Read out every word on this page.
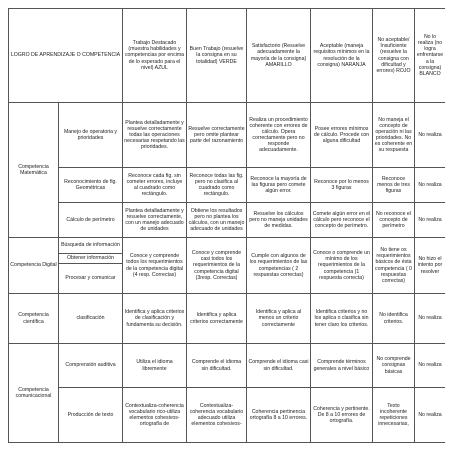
LOGRO DE APRENDIZAJE O COMPETENCIA		Trabajo Destacado (muestra habilidades y competencias por encima de lo esperado para el nivel) AZUL	Buen Trabajo (resuelve la consigna en su totalidad) VERDE	Satisfactorio (Resuelve adecuadamente la mayoría de la consigna) AMARILLO	Aceptable (maneja requisitos mínimos en la resolución de la consigna) NARANJA	No aceptable/ Insuficiente (resuelve la consigna con dificultad y errores) ROJO	No lo realiza (no logra enfrentarse a la consigna) BLANCO
Competencia Matemática	Manejo de operatoria y prioridades	Plantea detalladamente y resuelve correctamente todas las operaciones necesarias respetando las prioridades.	Resuelve correctamente pero omite plantear parte del razonamiento	Realiza un procedimiento coherente con errores de cálculo. Opera correctamente pero no responde adecuadamente.	Posee errores mínimos de cálculo. Procede con alguna dificultad	No maneja el concepto de operación ni las prioridades. No es coherente en su respuesta	No realiza
	Reconocimiento de fig. Geométricas	Reconoce cada fig. sin cometer errores, incluye al cuadrado como rectángulo.	Reconoce todas las fig. pero no clasifica al cuadrado como rectángulo.	Reconoce la mayoría de las figuras pero comete algún error.	Reconoce por lo menos 3 figuras	Reconoce menos de tres figuras	No realiza
	Cálculo de perímetro	Plantea detalladamente y resuelve correctamente, con un manejo adecuado de unidades	Obtiene los resultados pero no plantea los cálculos, con un manejo adecuado de unidades	Resuelve los cálculos pero no maneja unidades de medidas.	Comete algún error en el cálculo pero reconoce el concepto de perímetro.	No reconoce el concepto de perímetro	No realiza
Competencia Digital	Búsqueda de información	Conoce y comprende todos los requerimientos de la competencia digital (4 resp. Correctas)	Conoce y comprende casi todos los requerimientos de la competencia digital (3resp. Correctas)	Cumple con algunos de los requerimientos de las competencias ( 2 respuestas correctas)	Conoce o comprende un mínimo de los requerimientos de la competencia (1 respuesta correcta)	No tiene os requerimientos básicos de ésta competencia ( 0 respuestas correctas)	No hizo el intento por resolver
	Obtener información						
	Procesar y comunicar						
Competencia científica	clasificación	Identifica y aplica criterios de clasificación y fundamenta su decisión.	Identifica y aplica criterios correctamente	Identifica y aplica al menos un criterio correctamente	Identifica criterios y no los aplica o clasifica sin tener claro los criterios.	No identifica criterios.	No realiza
Competencia comunicacional	Comprensión auditiva	Utiliza el idioma libremente	Comprende el idioma sin dificultad.	Comprende el idioma casi sin dificultad.	Comprende términos generales a nivel básico	No comprende consignas básicas	No realiza
	Producción de texto	Contextualiza-coherencia vocabulario rico-utiliza elementos cohesivos- ortografía de	Contextualiza-coherencia vocabulario adecuado utiliza elementos cohesivos-	Coherencia pertinencia ortografía 8 a 10 errores.	Coherencia y pertinente. De 8 a 10 errores de ortografía.	Texto incoherente repeticiones innecesarias,	No realiza
